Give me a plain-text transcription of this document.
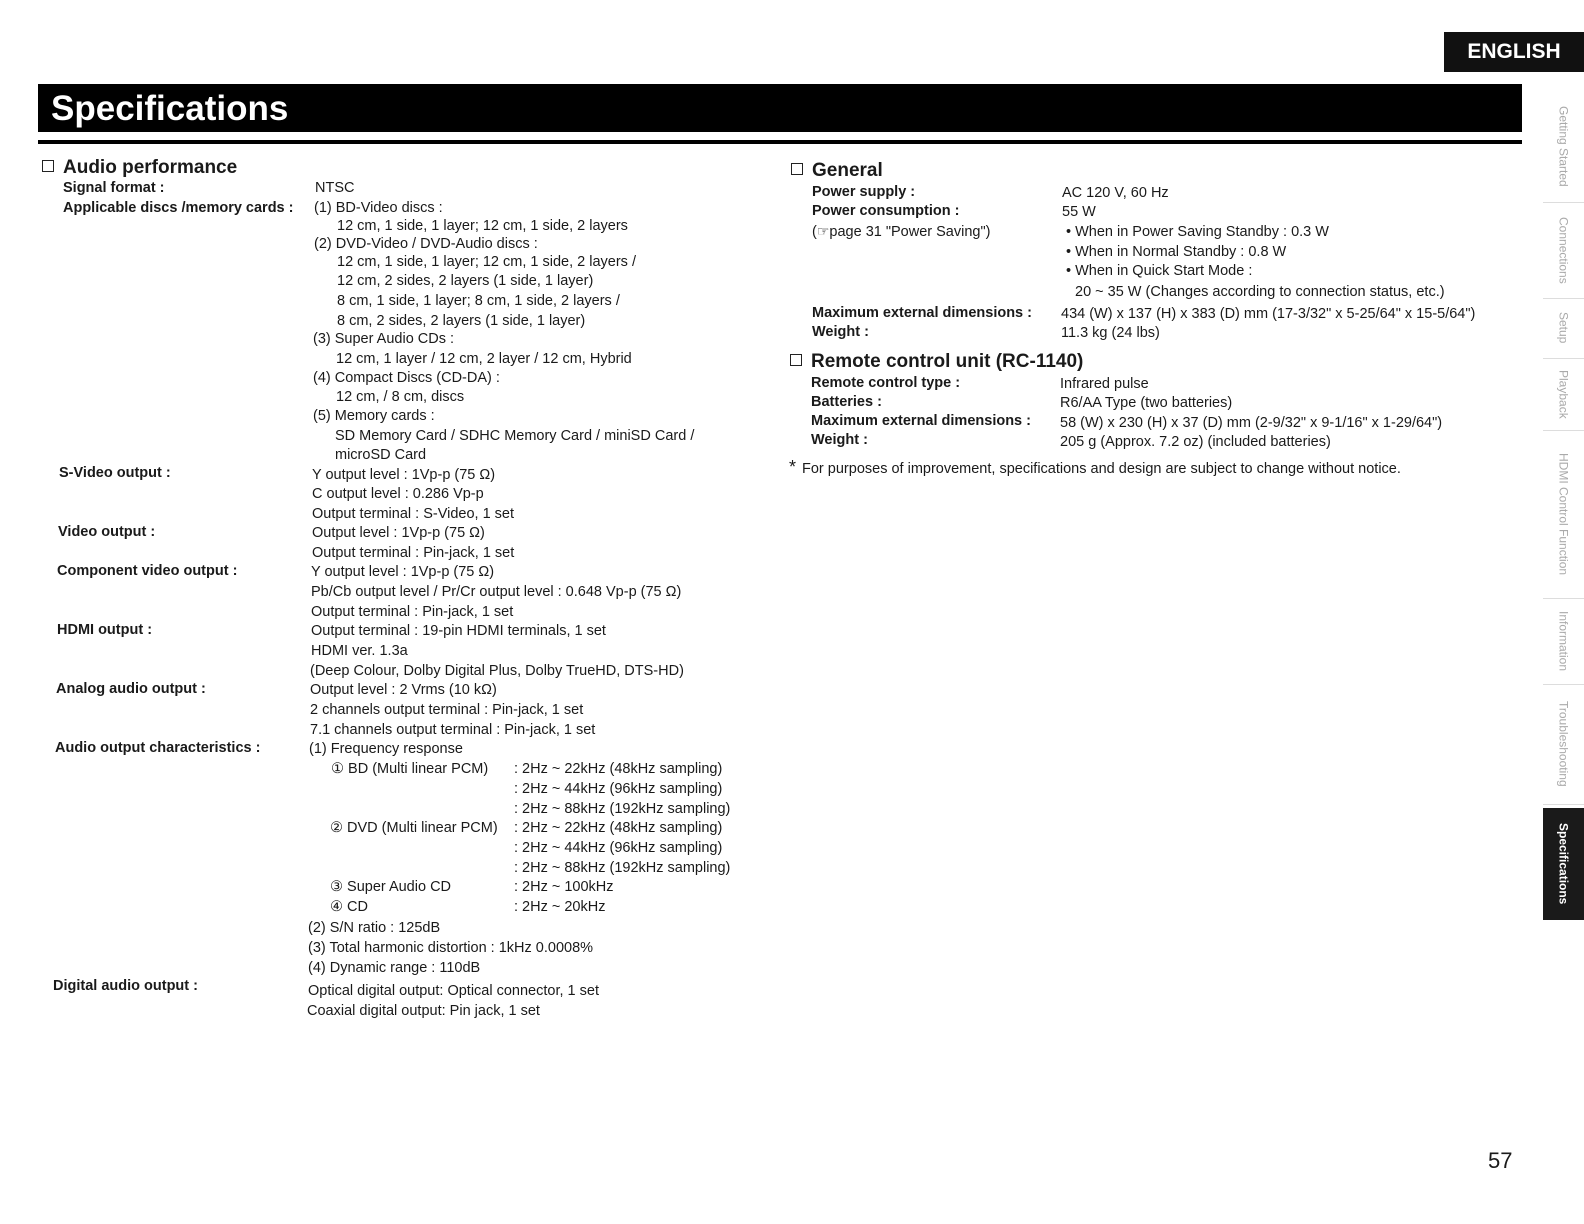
ENGLISH
Specifications
Audio performance
Signal format :	NTSC
Applicable discs /memory cards : (1) BD-Video discs :
12 cm, 1 side, 1 layer; 12 cm, 1 side, 2 layers
(2) DVD-Video / DVD-Audio discs :
12 cm, 1 side, 1 layer; 12 cm, 1 side, 2 layers /
12 cm, 2 sides, 2 layers (1 side, 1 layer)
8 cm, 1 side, 1 layer; 8 cm, 1 side, 2 layers /
8 cm, 2 sides, 2 layers (1 side, 1 layer)
(3) Super Audio CDs :
12 cm, 1 layer / 12 cm, 2 layer / 12 cm, Hybrid
(4) Compact Discs (CD-DA) :
12 cm, / 8 cm, discs
(5) Memory cards :
SD Memory Card / SDHC Memory Card / miniSD Card /
microSD Card
S-Video output :	Y output level : 1Vp-p (75 Ω)
C output level : 0.286 Vp-p
Output terminal : S-Video, 1 set
Video output :	Output level : 1Vp-p (75 Ω)
Output terminal : Pin-jack, 1 set
Component video output :	Y output level : 1Vp-p (75 Ω)
Pb/Cb output level / Pr/Cr output level : 0.648 Vp-p (75 Ω)
Output terminal : Pin-jack, 1 set
HDMI output :	Output terminal : 19-pin HDMI terminals, 1 set
HDMI ver. 1.3a
(Deep Colour, Dolby Digital Plus, Dolby TrueHD, DTS-HD)
Analog audio output :	Output level : 2 Vrms (10 kΩ)
2 channels output terminal : Pin-jack, 1 set
7.1 channels output terminal : Pin-jack, 1 set
Audio output characteristics :	(1) Frequency response
① BD (Multi linear PCM) : 2Hz ~ 22kHz (48kHz sampling)
: 2Hz ~ 44kHz (96kHz sampling)
: 2Hz ~ 88kHz (192kHz sampling)
② DVD (Multi linear PCM) : 2Hz ~ 22kHz (48kHz sampling)
: 2Hz ~ 44kHz (96kHz sampling)
: 2Hz ~ 88kHz (192kHz sampling)
③ Super Audio CD	: 2Hz ~ 100kHz
④ CD	: 2Hz ~ 20kHz
(2) S/N ratio : 125dB
(3) Total harmonic distortion : 1kHz 0.0008%
(4) Dynamic range : 110dB
Digital audio output :	Optical digital output: Optical connector, 1 set
Coaxial digital output: Pin jack, 1 set
General
Power supply :	AC 120 V, 60 Hz
Power consumption :	55 W
(☞page 31 "Power Saving")	• When in Power Saving Standby : 0.3 W
• When in Normal Standby : 0.8 W
• When in Quick Start Mode :
20 ~ 35 W (Changes according to connection status, etc.)
Maximum external dimensions : 434 (W) x 137 (H) x 383 (D) mm (17-3/32" x 5-25/64" x 15-5/64")
Weight :	11.3 kg (24 lbs)
Remote control unit (RC-1140)
Remote control type :	Infrared pulse
Batteries :	R6/AA Type (two batteries)
Maximum external dimensions : 58 (W) x 230 (H) x 37 (D) mm (2-9/32" x 9-1/16" x 1-29/64")
Weight :	205 g (Approx. 7.2 oz) (included batteries)
* For purposes of improvement, specifications and design are subject to change without notice.
Getting Started
Connections
Setup
Playback
HDMI Control Function
Information
Troubleshooting
Specifications
57
